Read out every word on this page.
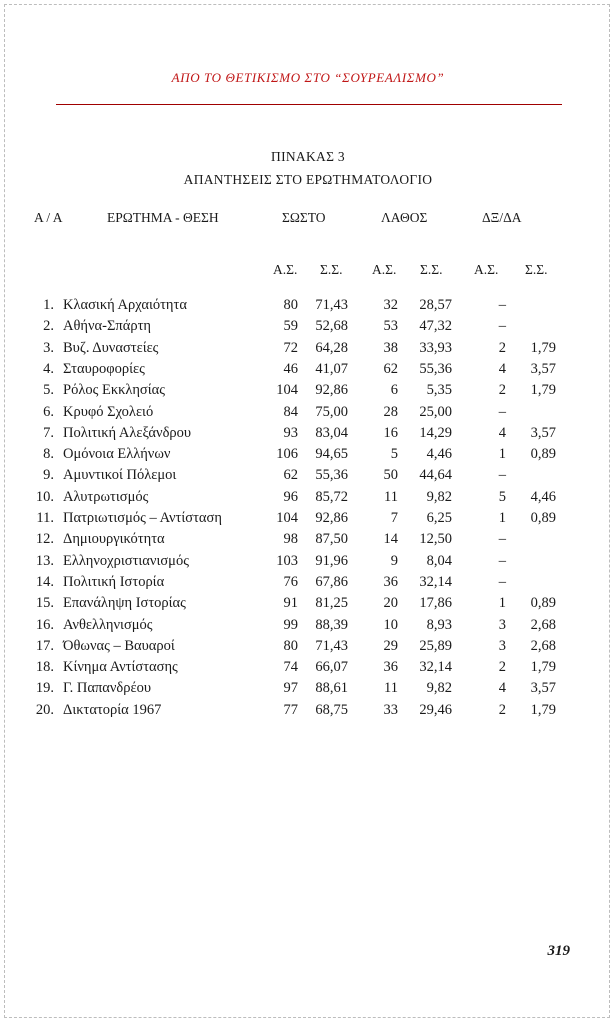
ΑΠΟ ΤΟ ΘΕΤΙΚΙΣΜΟ ΣΤΟ “ΣΟΥΡΕΑΛΙΣΜΟ”
ΠΙΝΑΚΑΣ 3
ΑΠΑΝΤΗΣΕΙΣ ΣΤΟ ΕΡΩΤΗΜΑΤΟΛΟΓΙΟ
Α / Α	ΕΡΩΤΗΜΑ - ΘΕΣΗ	ΣΩΣΤΟ	ΛΑΘΟΣ	ΔΞ/ΔΑ
Α.Σ. Σ.Σ. Α.Σ. Σ.Σ. Α.Σ. Σ.Σ.
1. Κλασική Αρχαιότητα	80	71,43	32	28,57	–
2. Αθήνα-Σπάρτη	59	52,68	53	47,32	–
3. Βυζ. Δυναστείες	72	64,28	38	33,93	2	1,79
4. Σταυροφορίες	46	41,07	62	55,36	4	3,57
5. Ρόλος Εκκλησίας	104	92,86	6	5,35	2	1,79
6. Κρυφό Σχολειό	84	75,00	28	25,00	–
7. Πολιτική Αλεξάνδρου	93	83,04	16	14,29	4	3,57
8. Ομόνοια Ελλήνων	106	94,65	5	4,46	1	0,89
9. Αμυντικοί Πόλεμοι	62	55,36	50	44,64	–
10. Αλυτρωτισμός	96	85,72	11	9,82	5	4,46
11. Πατριωτισμός – Αντίσταση	104	92,86	7	6,25	1	0,89
12. Δημιουργικότητα	98	87,50	14	12,50	–
13. Ελληνοχριστιανισμός	103	91,96	9	8,04	–
14. Πολιτική Ιστορία	76	67,86	36	32,14	–
15. Επανάληψη Ιστορίας	91	81,25	20	17,86	1	0,89
16. Ανθελληνισμός	99	88,39	10	8,93	3	2,68
17. Όθωνας – Βαυαροί	80	71,43	29	25,89	3	2,68
18. Κίνημα Αντίστασης	74	66,07	36	32,14	2	1,79
19. Γ. Παπανδρέου	97	88,61	11	9,82	4	3,57
20. Δικτατορία 1967	77	68,75	33	29,46	2	1,79
319
